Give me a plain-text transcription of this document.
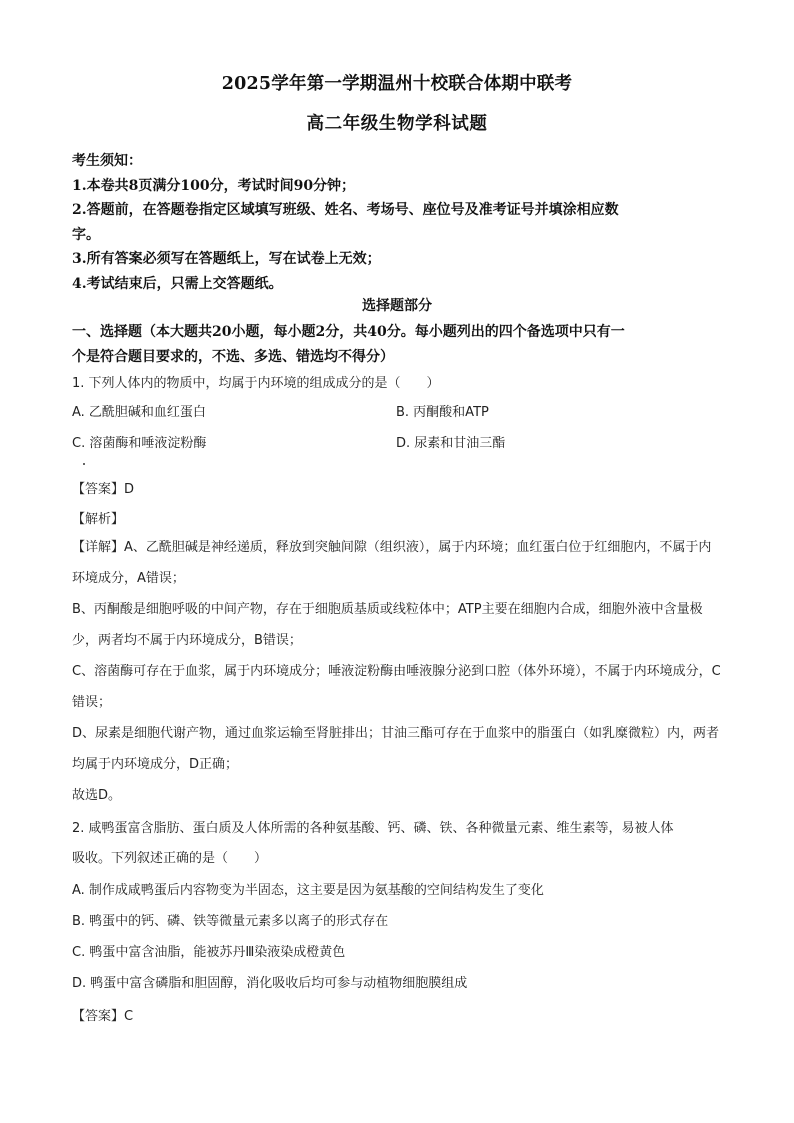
2025学年第一学期温州十校联合体期中联考
高二年级生物学科试题
考生须知：
1.本卷共8页满分100分，考试时间90分钟；
2.答题前，在答题卷指定区域填写班级、姓名、考场号、座位号及准考证号并填涂相应数
字。
3.所有答案必须写在答题纸上，写在试卷上无效；
4.考试结束后，只需上交答题纸。
选择题部分
一、选择题（本大题共20小题，每小题2分，共40分。每小题列出的四个备选项中只有一
个是符合题目要求的，不选、多选、错选均不得分）
1. 下列人体内的物质中，均属于内环境的组成成分的是（　　）
A. 乙酰胆碱和血红蛋白	B. 丙酮酸和ATP
C. 溶菌酶和唾液淀粉酶	D. 尿素和甘油三酯
【答案】D
【解析】
【详解】A、乙酰胆碱是神经递质，释放到突触间隙（组织液），属于内环境；血红蛋白位于红细胞内，不属于内环境成分，A错误；
B、丙酮酸是细胞呼吸的中间产物，存在于细胞质基质或线粒体中；ATP主要在细胞内合成，细胞外液中含量极少，两者均不属于内环境成分，B错误；
C、溶菌酶可存在于血浆，属于内环境成分；唾液淀粉酶由唾液腺分泌到口腔（体外环境），不属于内环境成分，C错误；
D、尿素是细胞代谢产物，通过血浆运输至肾脏排出；甘油三酯可存在于血浆中的脂蛋白（如乳糜微粒）内，两者均属于内环境成分，D正确；
故选D。
2. 咸鸭蛋富含脂肪、蛋白质及人体所需的各种氨基酸、钙、磷、铁、各种微量元素、维生素等，易被人体
吸收。下列叙述正确的是（　　）
A. 制作成咸鸭蛋后内容物变为半固态，这主要是因为氨基酸的空间结构发生了变化
B. 鸭蛋中的钙、磷、铁等微量元素多以离子的形式存在
C. 鸭蛋中富含油脂，能被苏丹Ⅲ染液染成橙黄色
D. 鸭蛋中富含磷脂和胆固醇，消化吸收后均可参与动植物细胞膜组成
【答案】C
